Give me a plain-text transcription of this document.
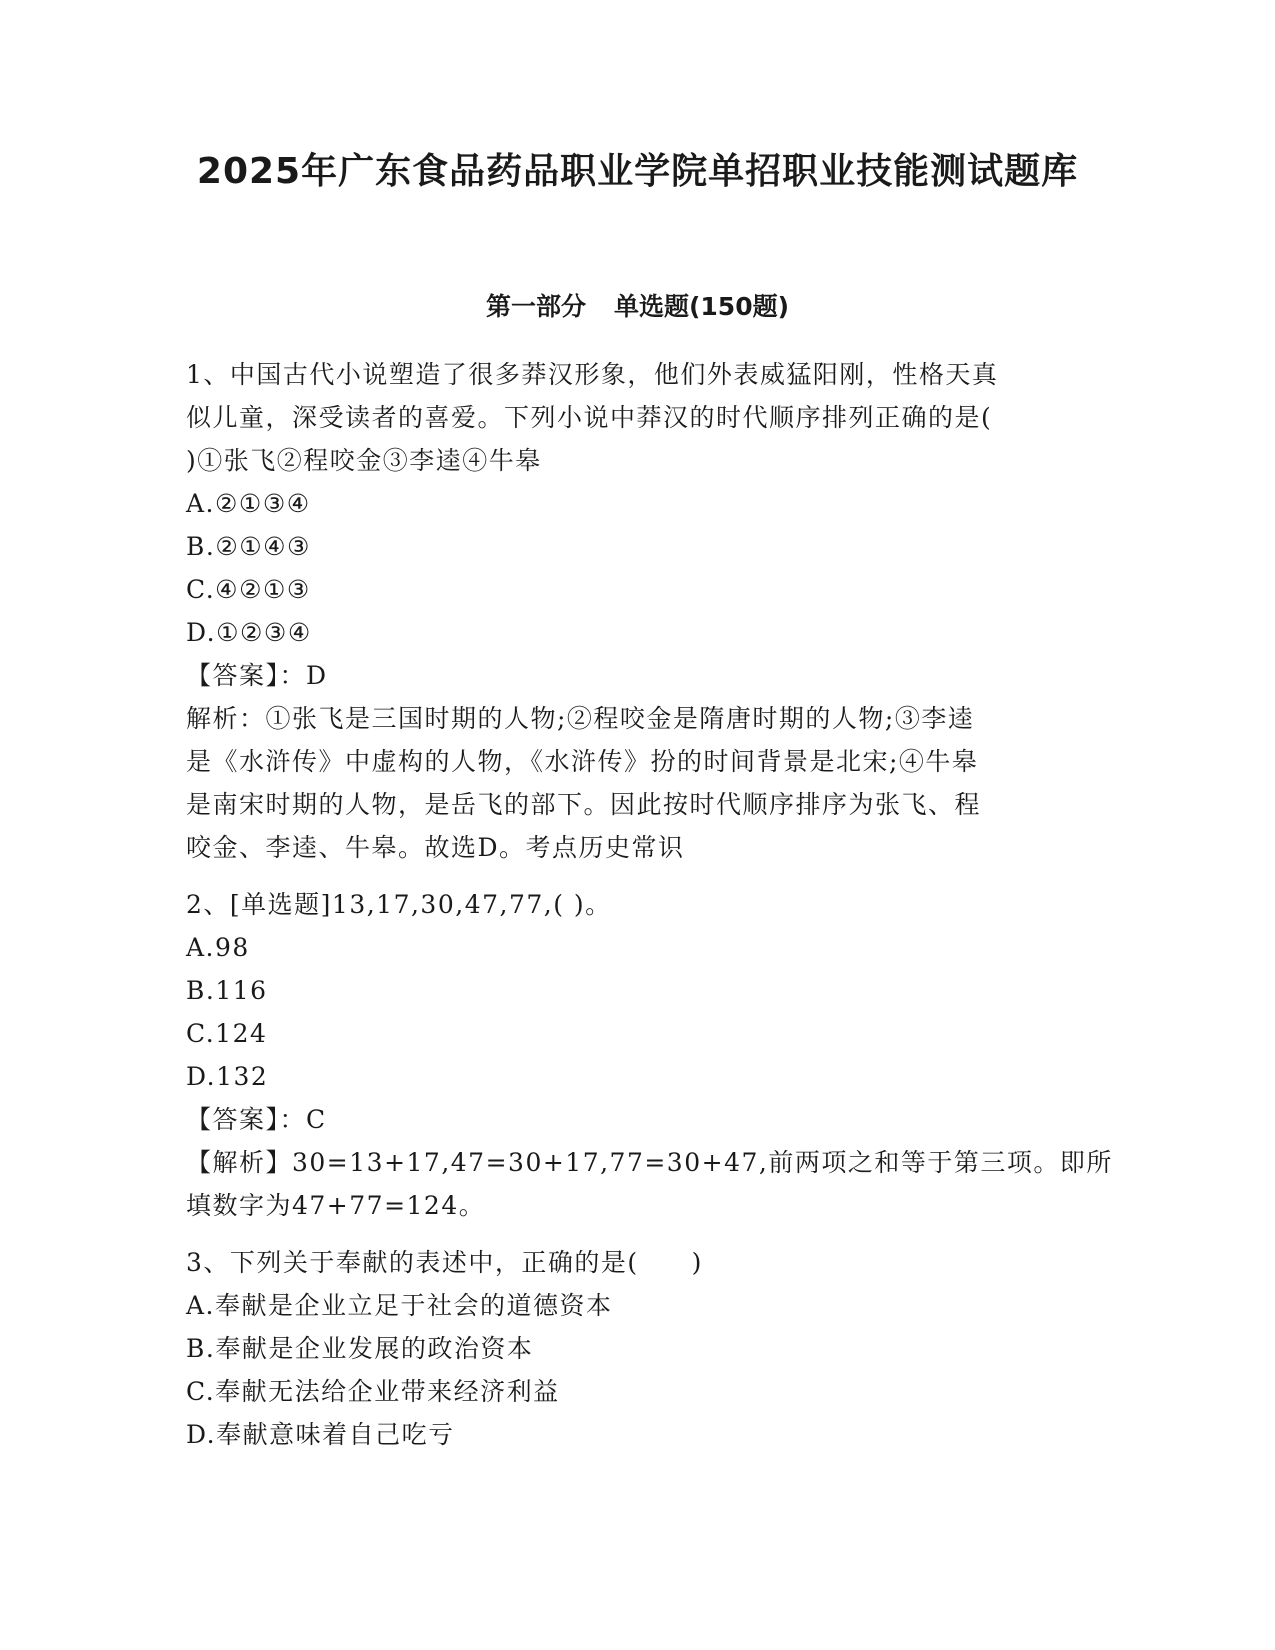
2025年广东食品药品职业学院单招职业技能测试题库
第一部分 单选题(150题)
1、中国古代小说塑造了很多莽汉形象，他们外表威猛阳刚，性格天真
似儿童，深受读者的喜爱。下列小说中莽汉的时代顺序排列正确的是(
)①张飞②程咬金③李逵④牛皋
A.②①③④
B.②①④③
C.④②①③
D.①②③④
【答案】：D
解析：①张飞是三国时期的人物;②程咬金是隋唐时期的人物;③李逵
是《水浒传》中虚构的人物，《水浒传》扮的时间背景是北宋;④牛皋
是南宋时期的人物，是岳飞的部下。因此按时代顺序排序为张飞、程
咬金、李逵、牛皋。故选D。考点历史常识
2、[单选题]13,17,30,47,77,( )。
A.98
B.116
C.124
D.132
【答案】：C
【解析】30=13+17,47=30+17,77=30+47,前两项之和等于第三项。即所
填数字为47+77=124。
3、下列关于奉献的表述中，正确的是(　　)
A.奉献是企业立足于社会的道德资本
B.奉献是企业发展的政治资本
C.奉献无法给企业带来经济利益
D.奉献意味着自己吃亏
